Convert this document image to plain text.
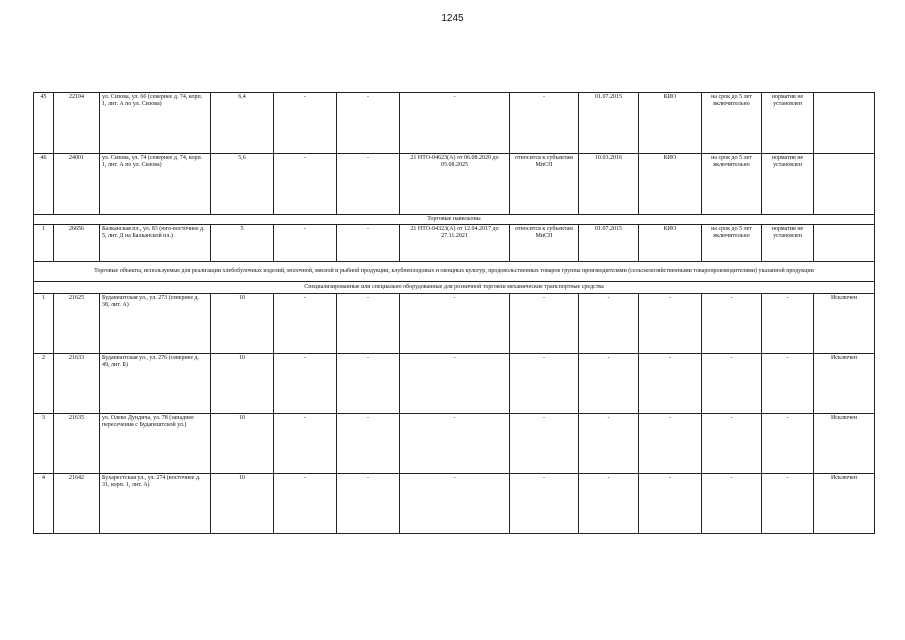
1245
45	22104	ул. Сизова, ул. 66 (севернее д. 74, корп. 1, лит. А по ул. Сизова)	6,4	-	-	-	-	01.07.2015	КИО	на срок до 5 лет включительно	норматив не установлен	
46	24001	ул. Сизова, ул. 74 (севернее д. 74, корп. 1, лит. А по ул. Сизова)	5,6	-	-	21 НТО-04623(А) от 06.08.2020 до 05.08.2025	относится к субъектам МиСП	10.03.2016	КИО	на срок до 5 лет включительно	норматив не установлен	
Торговые павильоны												
1	26656	Балканская пл., ул. 83 (юго-восточнее д. 5, лит. Д на Балканской пл.)	5	-	-	21 НТО-04323(А) от 12.04.2017 до 27.11.2021	относится к субъектам МиСП	01.07.2015	КИО	на срок до 5 лет включительно	норматив не установлен	
Торговые объекты, используемые для реализации хлебобулочных изделий, молочной, мясной и рыбной продукции, клубнеплодовых и овощных культур, продовольственных товаров группы производителями (сельскохозяйственными товаропроизводителями) указанной продукции												
Специализированные или специально оборудованные для розничной торговли механические транспортные средства												
1	21625	Будапештская ул., ул. 273 (севернее д. 38, лит. А)	10	-	-	-	-	-	-	-	-	Исключен
2	21633	Будапештская ул., ул. 276 (севернее д. 49, лит. Б)	10	-	-	-	-	-	-	-	-	Исключен
3	21635	ул. Олеко Дундича, ул. 78 (западнее пересечения с Будапештской ул.)	10	-	-	-	-	-	-	-	-	Исключен
4	21642	Бухарестская ул., ул. 274 (восточнее д. 31, корп. 1, лит. А)	10	-	-	-	-	-	-	-	-	Исключен
